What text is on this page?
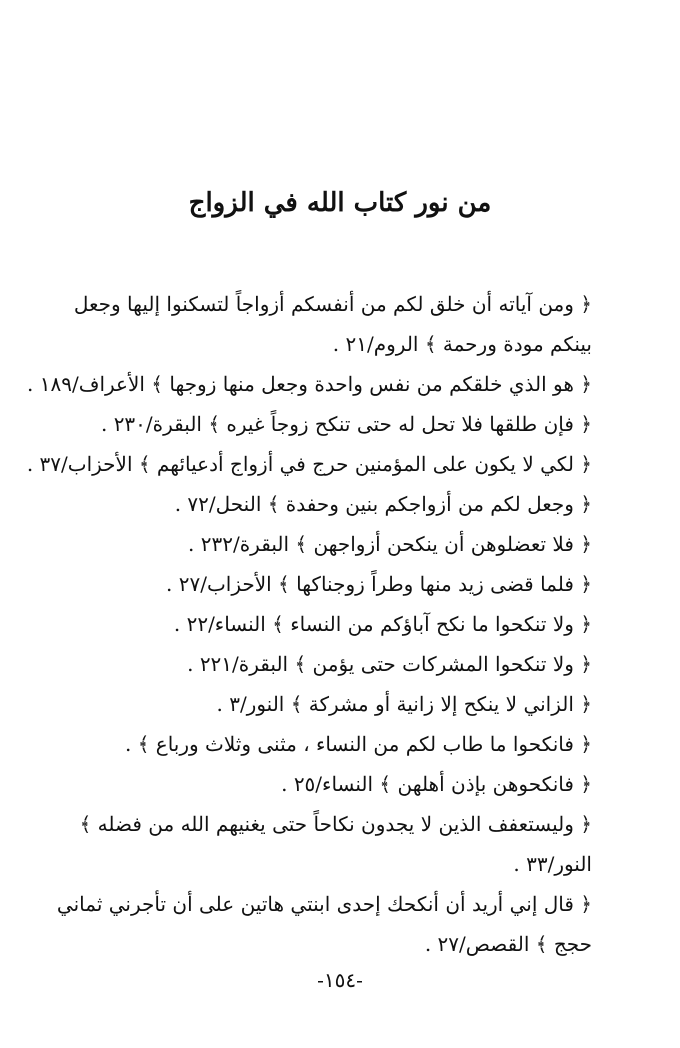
من نور كتاب الله في الزواج

﴿ ومن آياته أن خلق لكم من أنفسكم أزواجاً لتسكنوا إليها وجعل بينكم مودة ورحمة ﴾ الروم/٢١ .

﴿ هو الذي خلقكم من نفس واحدة وجعل منها زوجها ﴾ الأعراف/١٨٩ .

﴿ فإن طلقها فلا تحل له حتى تنكح زوجاً غيره ﴾ البقرة/٢٣٠ .

﴿ لكي لا يكون على المؤمنين حرج في أزواج أدعيائهم ﴾ الأحزاب/٣٧ .

﴿ وجعل لكم من أزواجكم بنين وحفدة ﴾ النحل/٧٢ .

﴿ فلا تعضلوهن أن ينكحن أزواجهن ﴾ البقرة/٢٣٢ .

﴿ فلما قضى زيد منها وطراً زوجناكها ﴾ الأحزاب/٢٧ .

﴿ ولا تنكحوا ما نكح آباؤكم من النساء ﴾ النساء/٢٢ .

﴿ ولا تنكحوا المشركات حتى يؤمن ﴾ البقرة/٢٢١ .

﴿ الزاني لا ينكح إلا زانية أو مشركة ﴾ النور/٣ .

﴿ فانكحوا ما طاب لكم من النساء ، مثنى وثلاث ورباع ﴾ .

﴿ فانكحوهن بإذن أهلهن ﴾ النساء/٢٥ .

﴿ وليستعفف الذين لا يجدون نكاحاً حتى يغنيهم الله من فضله ﴾ النور/٣٣ .

﴿ قال إني أريد أن أنكحك إحدى ابنتي هاتين على أن تأجرني ثماني حجج ﴾ القصص/٢٧ .

-١٥٤-
